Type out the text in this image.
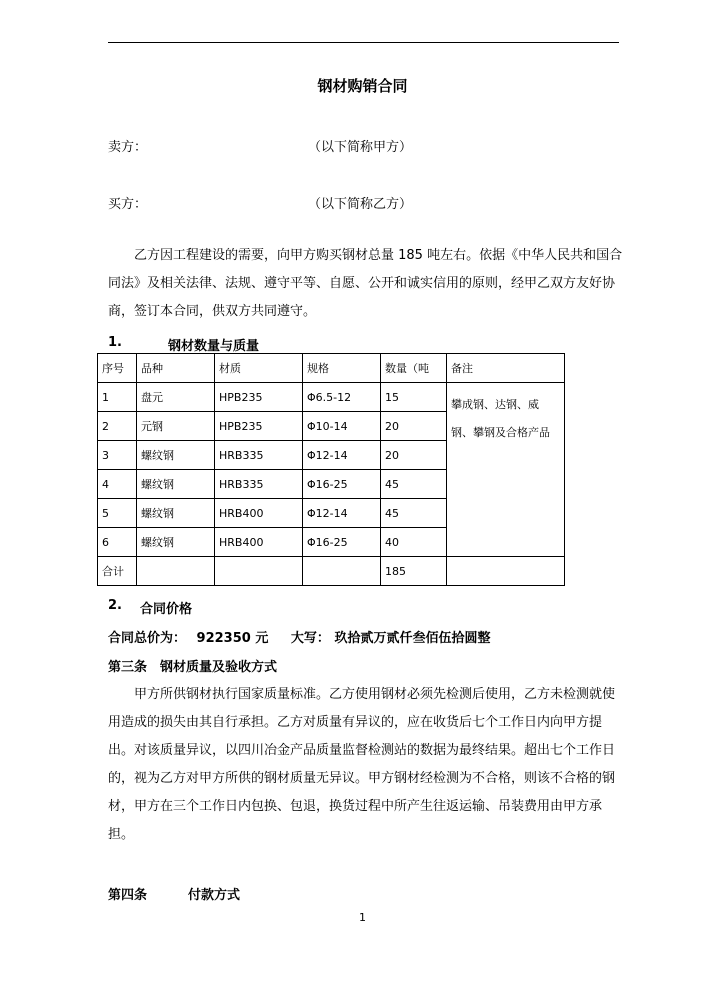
钢材购销合同
卖方：	（以下简称甲方）
买方：	（以下简称乙方）
乙方因工程建设的需要，向甲方购买钢材总量 185 吨左右。依据《中华人民共和国合同法》及相关法律、法规、遵守平等、自愿、公开和诚实信用的原则，经甲乙双方友好协商，签订本合同，供双方共同遵守。
1.	钢材数量与质量
序号	品种	材质	规格	数量（吨	备注
1	盘元	HPB235	Φ6.5-12	15	攀成钢、达钢、威钢、攀钢及合格产品
2	元钢	HPB235	Φ10-14	20	
3	螺纹钢	HRB335	Φ12-14	20	
4	螺纹钢	HRB335	Φ16-25	45	
5	螺纹钢	HRB400	Φ12-14	45	
6	螺纹钢	HRB400	Φ16-25	40	
合计				185	
2. 合同价格
合同总价为： 922350 元 大写： 玖拾贰万贰仟叁佰伍拾圆整
第三条　钢材质量及验收方式
甲方所供钢材执行国家质量标准。乙方使用钢材必须先检测后使用，乙方未检测就使用造成的损失由其自行承担。乙方对质量有异议的，应在收货后七个工作日内向甲方提出。对该质量异议，以四川冶金产品质量监督检测站的数据为最终结果。超出七个工作日的，视为乙方对甲方所供的钢材质量无异议。甲方钢材经检测为不合格，则该不合格的钢材，甲方在三个工作日内包换、包退，换货过程中所产生往返运输、吊装费用由甲方承担。
第四条	付款方式
1
